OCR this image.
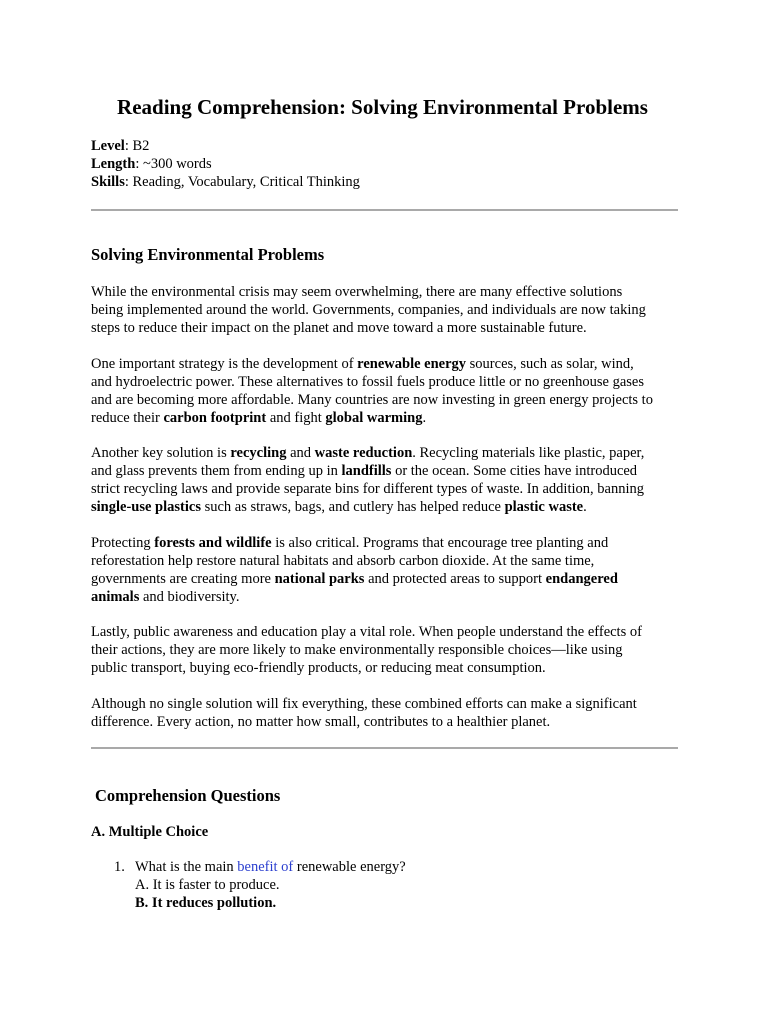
Reading Comprehension: Solving Environmental Problems
Level: B2
Length: ~300 words
Skills: Reading, Vocabulary, Critical Thinking
Solving Environmental Problems
While the environmental crisis may seem overwhelming, there are many effective solutions
being implemented around the world. Governments, companies, and individuals are now taking
steps to reduce their impact on the planet and move toward a more sustainable future.
One important strategy is the development of renewable energy sources, such as solar, wind,
and hydroelectric power. These alternatives to fossil fuels produce little or no greenhouse gases
and are becoming more affordable. Many countries are now investing in green energy projects to
reduce their carbon footprint and fight global warming.
Another key solution is recycling and waste reduction. Recycling materials like plastic, paper,
and glass prevents them from ending up in landfills or the ocean. Some cities have introduced
strict recycling laws and provide separate bins for different types of waste. In addition, banning
single-use plastics such as straws, bags, and cutlery has helped reduce plastic waste.
Protecting forests and wildlife is also critical. Programs that encourage tree planting and
reforestation help restore natural habitats and absorb carbon dioxide. At the same time,
governments are creating more national parks and protected areas to support endangered
animals and biodiversity.
Lastly, public awareness and education play a vital role. When people understand the effects of
their actions, they are more likely to make environmentally responsible choices—like using
public transport, buying eco-friendly products, or reducing meat consumption.
Although no single solution will fix everything, these combined efforts can make a significant
difference. Every action, no matter how small, contributes to a healthier planet.
Comprehension Questions
A. Multiple Choice
1. What is the main benefit of renewable energy?
A. It is faster to produce.
B. It reduces pollution.
